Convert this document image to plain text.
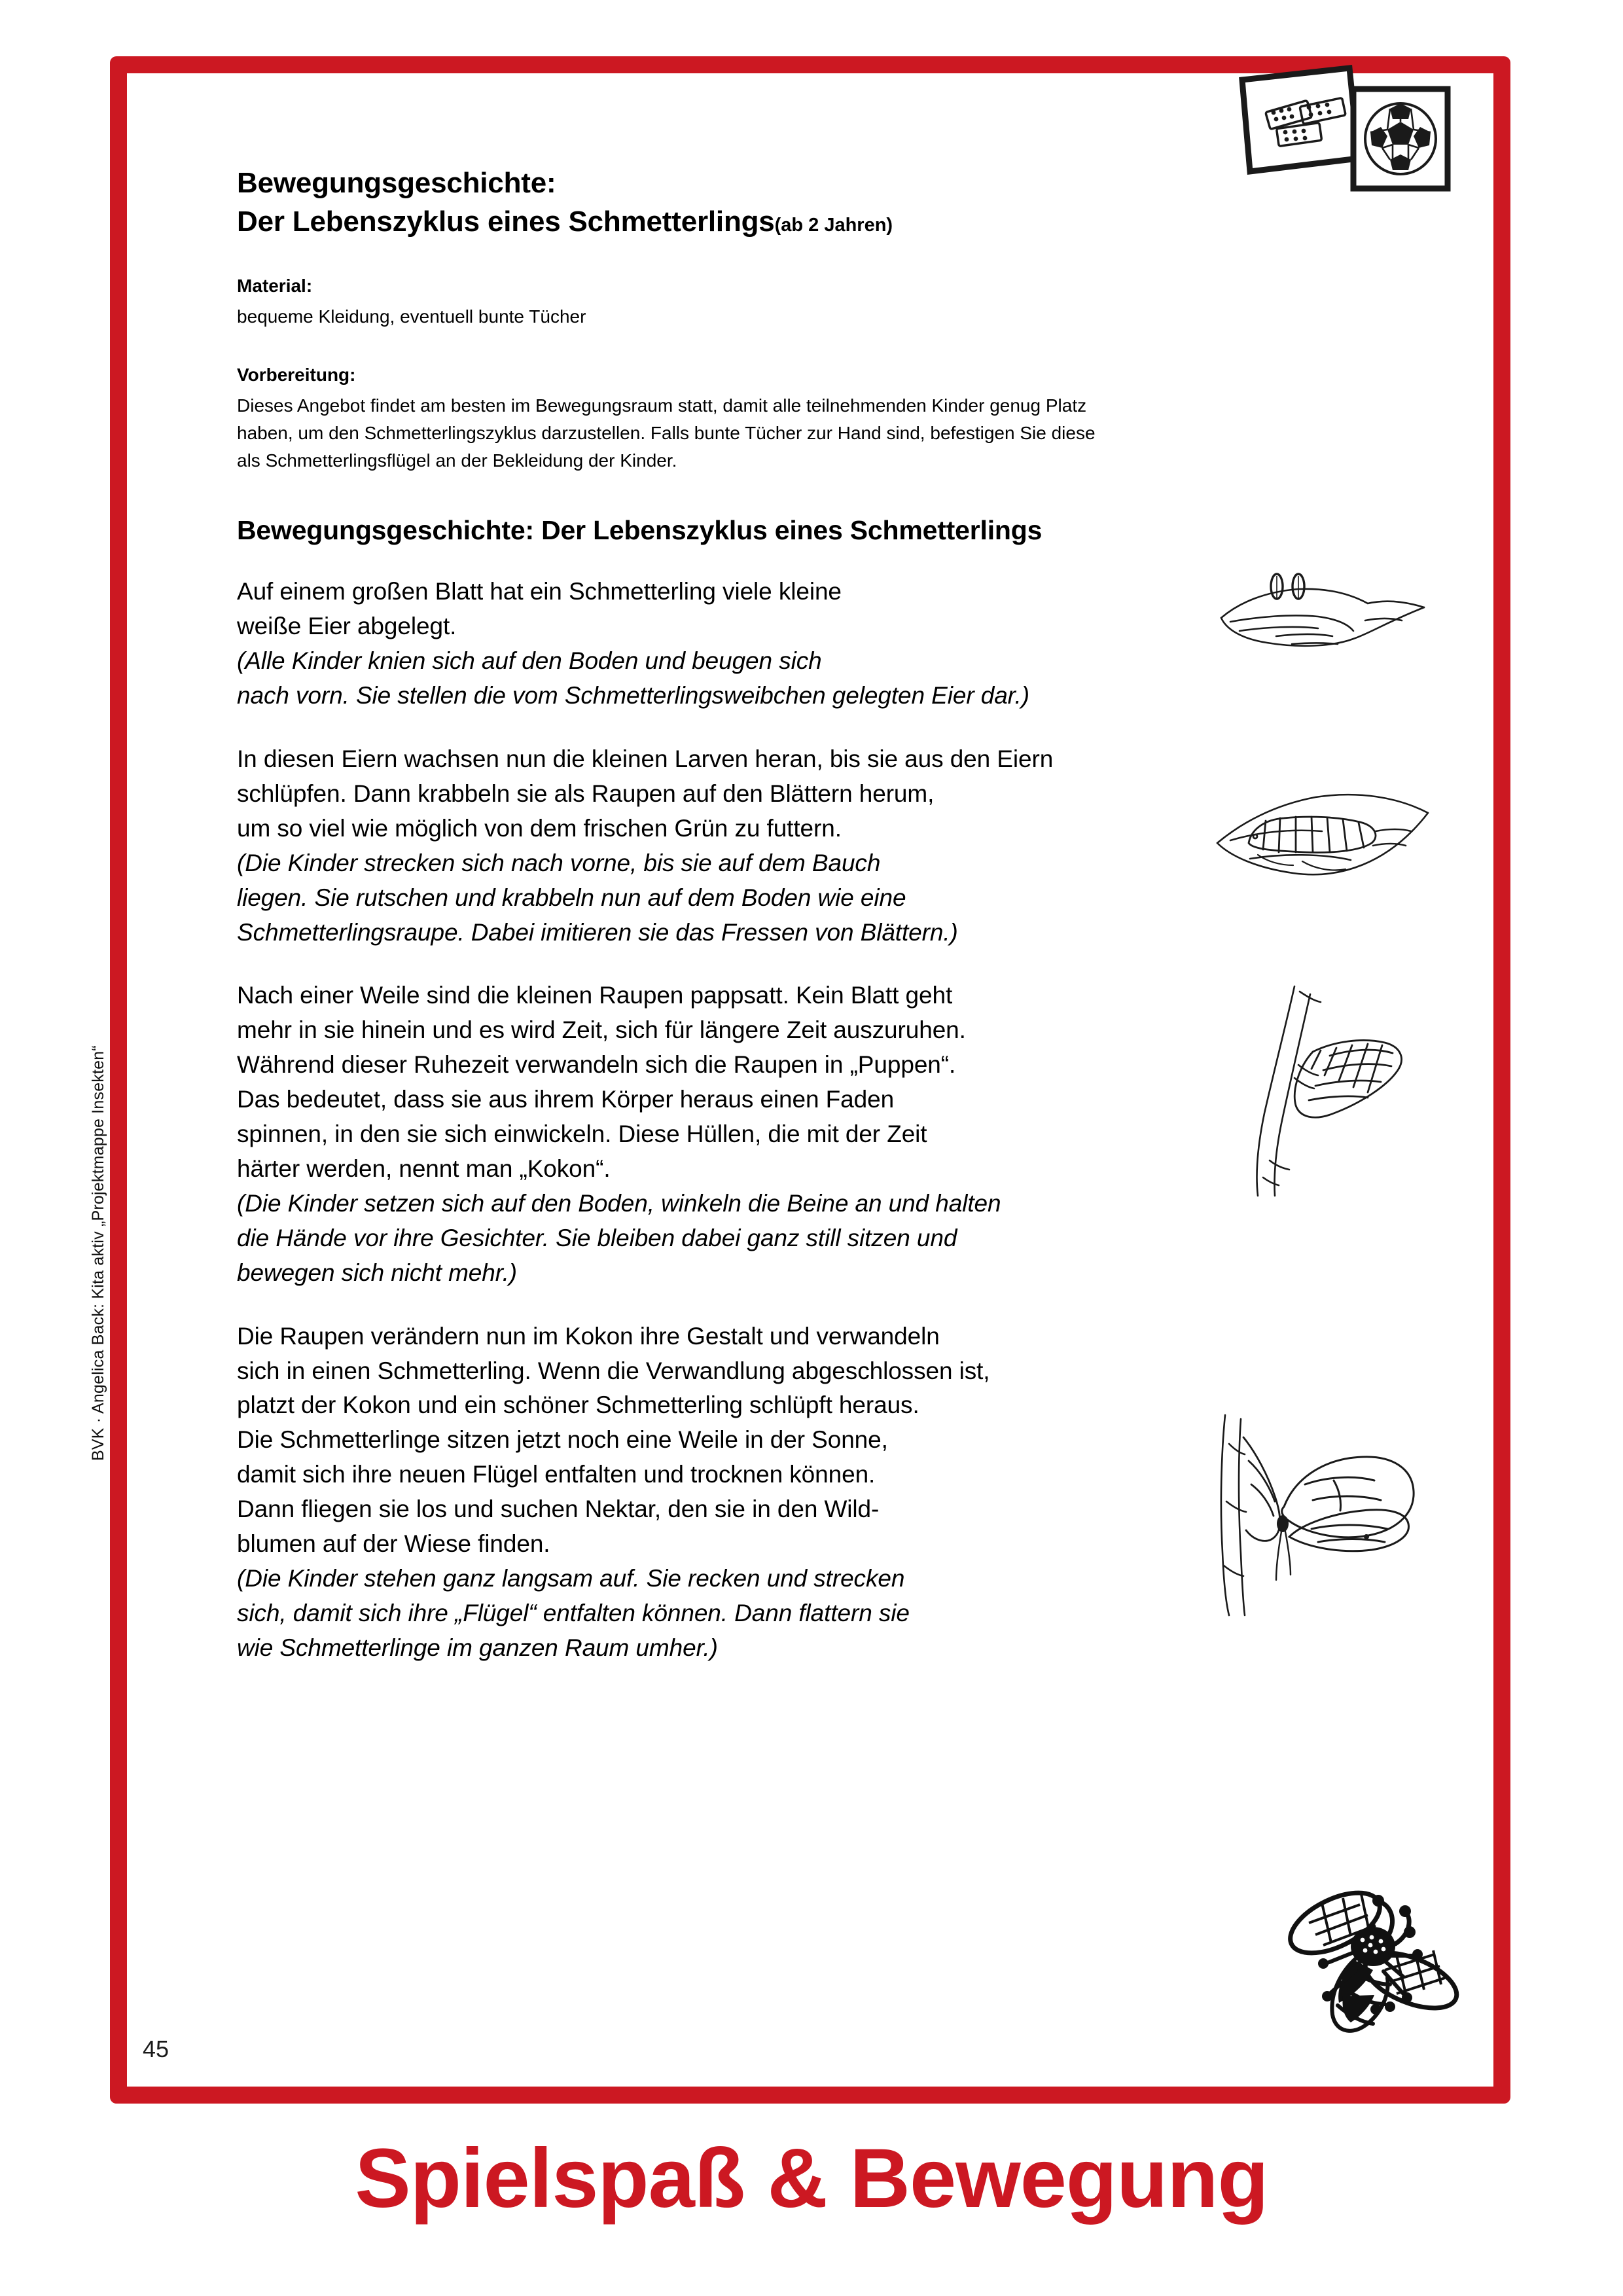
BVK · Angelica Back: Kita aktiv „Projektmappe Insekten“
45
Bewegungsgeschichte:
Der Lebenszyklus eines Schmetterlings(ab 2 Jahren)
Material:
bequeme Kleidung, eventuell bunte Tücher
Vorbereitung:
Dieses Angebot findet am besten im Bewegungsraum statt, damit alle teilnehmenden Kinder genug Platz
haben, um den Schmetterlingszyklus darzustellen. Falls bunte Tücher zur Hand sind, befestigen Sie diese
als Schmetterlingsflügel an der Bekleidung der Kinder.
Bewegungsgeschichte: Der Lebenszyklus eines Schmetterlings
Auf einem großen Blatt hat ein Schmetterling viele kleine
weiße Eier abgelegt.
(Alle Kinder knien sich auf den Boden und beugen sich
nach vorn. Sie stellen die vom Schmetterlingsweibchen gelegten Eier dar.)
In diesen Eiern wachsen nun die kleinen Larven heran, bis sie aus den Eiern
schlüpfen. Dann krabbeln sie als Raupen auf den Blättern herum,
um so viel wie möglich von dem frischen Grün zu futtern.
(Die Kinder strecken sich nach vorne, bis sie auf dem Bauch
liegen. Sie rutschen und krabbeln nun auf dem Boden wie eine
Schmetterlingsraupe. Dabei imitieren sie das Fressen von Blättern.)
Nach einer Weile sind die kleinen Raupen pappsatt. Kein Blatt geht
mehr in sie hinein und es wird Zeit, sich für längere Zeit auszuruhen.
Während dieser Ruhezeit verwandeln sich die Raupen in „Puppen“.
Das bedeutet, dass sie aus ihrem Körper heraus einen Faden
spinnen, in den sie sich einwickeln. Diese Hüllen, die mit der Zeit
härter werden, nennt man „Kokon“.
(Die Kinder setzen sich auf den Boden, winkeln die Beine an und halten
die Hände vor ihre Gesichter. Sie bleiben dabei ganz still sitzen und
bewegen sich nicht mehr.)
Die Raupen verändern nun im Kokon ihre Gestalt und verwandeln
sich in einen Schmetterling. Wenn die Verwandlung abgeschlossen ist,
platzt der Kokon und ein schöner Schmetterling schlüpft heraus.
Die Schmetterlinge sitzen jetzt noch eine Weile in der Sonne,
damit sich ihre neuen Flügel entfalten und trocknen können.
Dann fliegen sie los und suchen Nektar, den sie in den Wild-
blumen auf der Wiese finden.
(Die Kinder stehen ganz langsam auf. Sie recken und strecken
sich, damit sich ihre „Flügel“ entfalten können. Dann flattern sie
wie Schmetterlinge im ganzen Raum umher.)
Spielspaß & Bewegung
